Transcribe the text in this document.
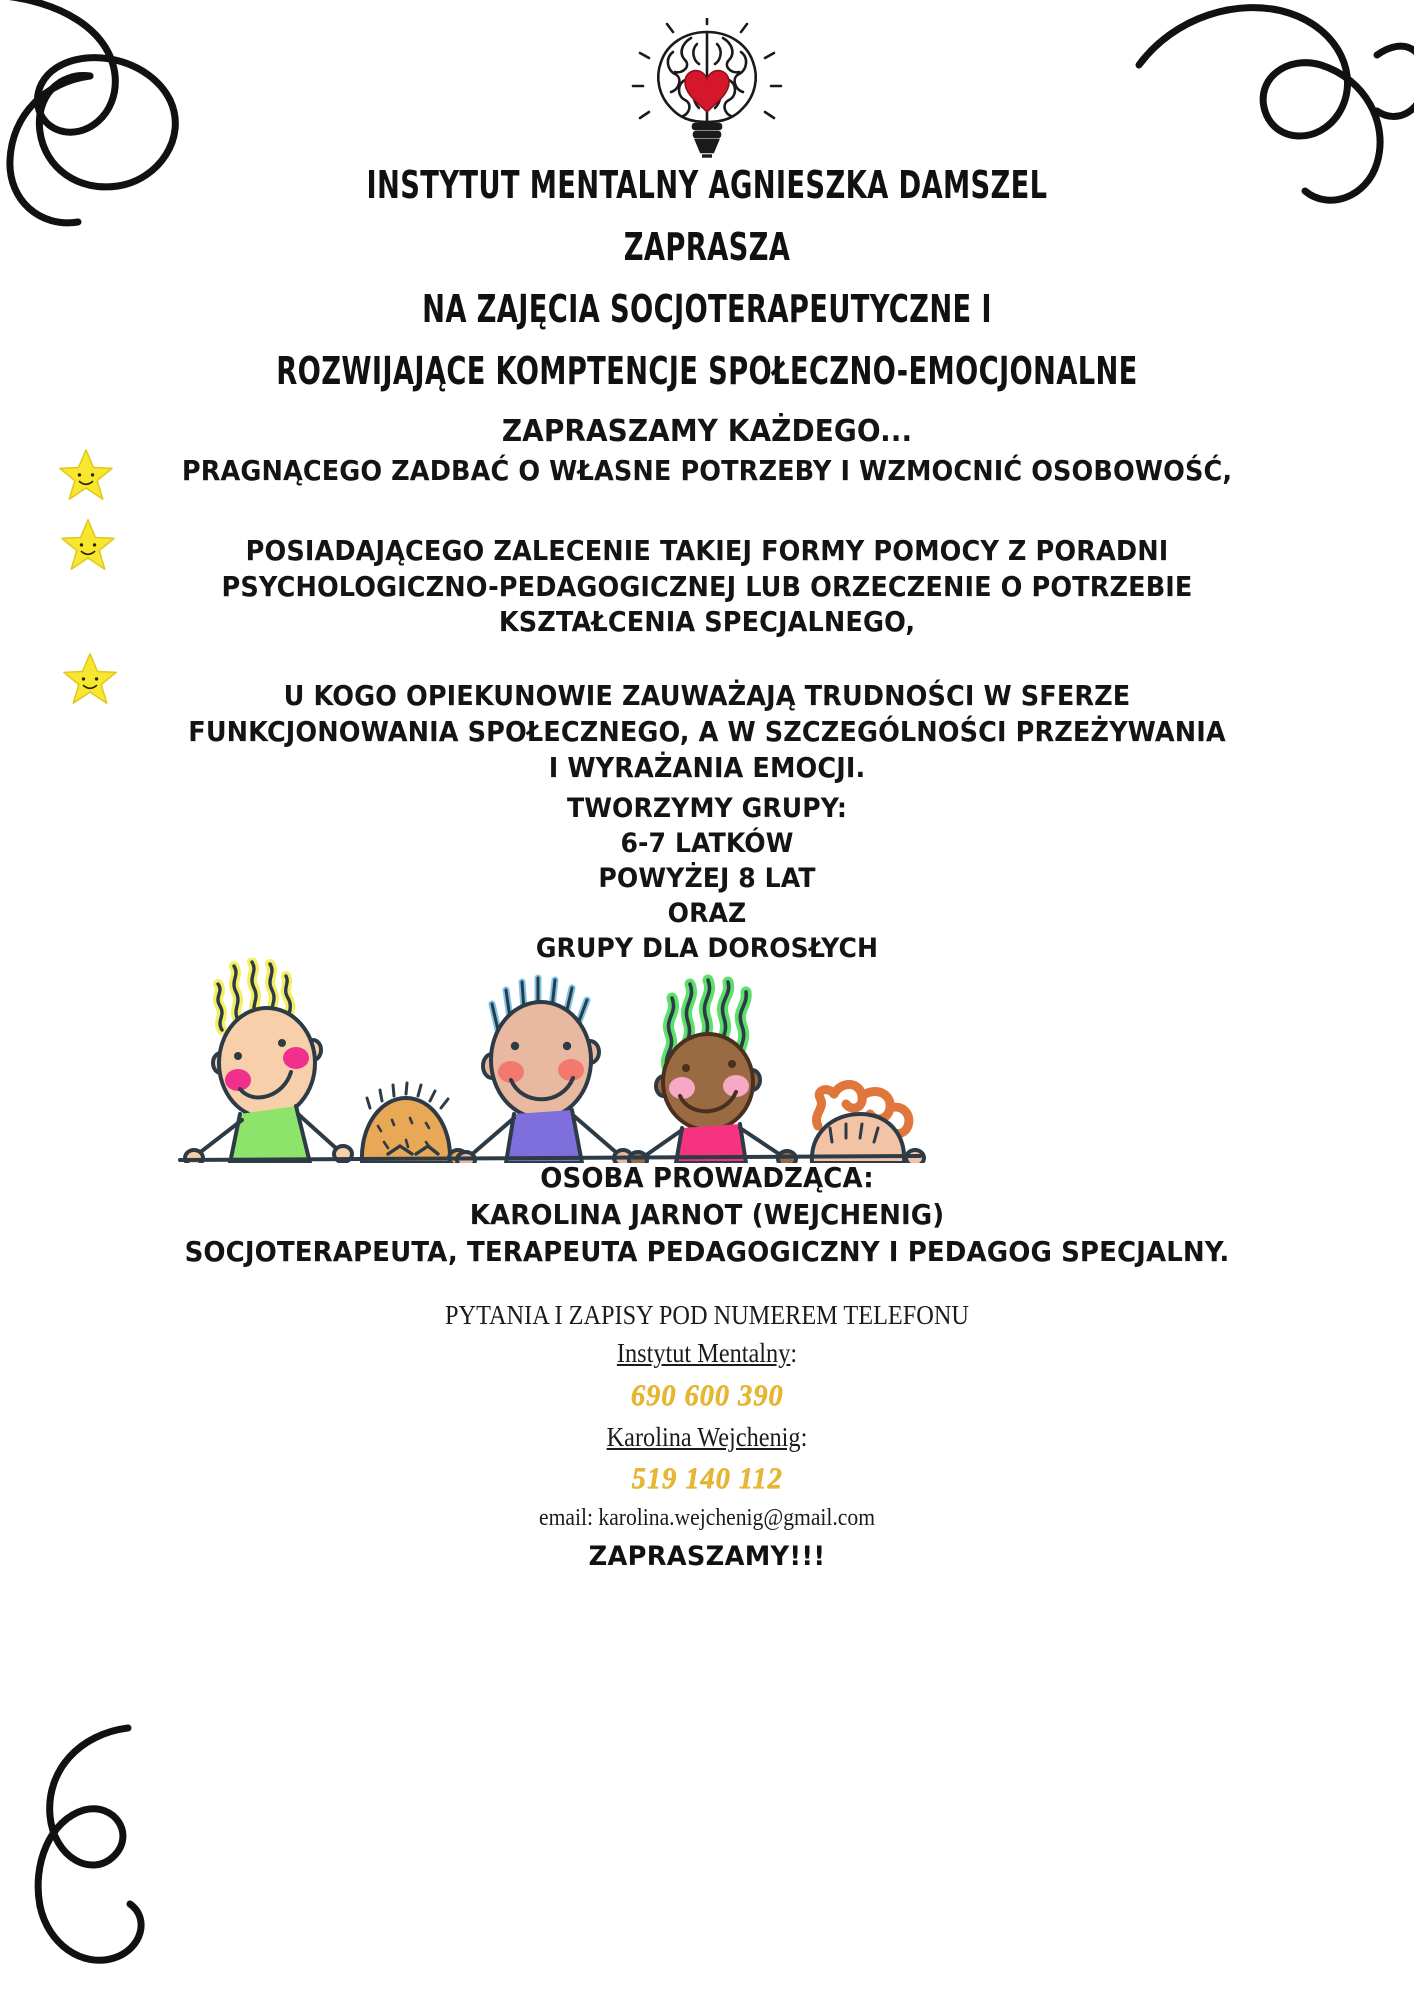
INSTYTUT MENTALNY AGNIESZKA DAMSZEL

ZAPRASZA

NA ZAJĘCIA SOCJOTERAPEUTYCZNE I

ROZWIJAJĄCE KOMPTENCJE SPOŁECZNO-EMOCJONALNE

ZAPRASZAMY KAŻDEGO...

PRAGNĄCEGO ZADBAĆ O WŁASNE POTRZEBY I WZMOCNIĆ OSOBOWOŚĆ,

POSIADAJĄCEGO ZALECENIE TAKIEJ FORMY POMOCY Z PORADNI

PSYCHOLOGICZNO-PEDAGOGICZNEJ LUB ORZECZENIE O POTRZEBIE

KSZTAŁCENIA SPECJALNEGO,

U KOGO OPIEKUNOWIE ZAUWAŻAJĄ TRUDNOŚCI W SFERZE

FUNKCJONOWANIA SPOŁECZNEGO, A W SZCZEGÓLNOŚCI PRZEŻYWANIA

I WYRAŻANIA EMOCJI.

TWORZYMY GRUPY:

6-7 LATKÓW

POWYŻEJ 8 LAT

ORAZ

GRUPY DLA DOROSŁYCH

OSOBA PROWADZĄCA:

KAROLINA JARNOT (WEJCHENIG)

SOCJOTERAPEUTA, TERAPEUTA PEDAGOGICZNY I PEDAGOG SPECJALNY.

PYTANIA I ZAPISY POD NUMEREM TELEFONU

Instytut Mentalny:

690 600 390

Karolina Wejchenig:

519 140 112

email: karolina.wejchenig@gmail.com

ZAPRASZAMY!!!
